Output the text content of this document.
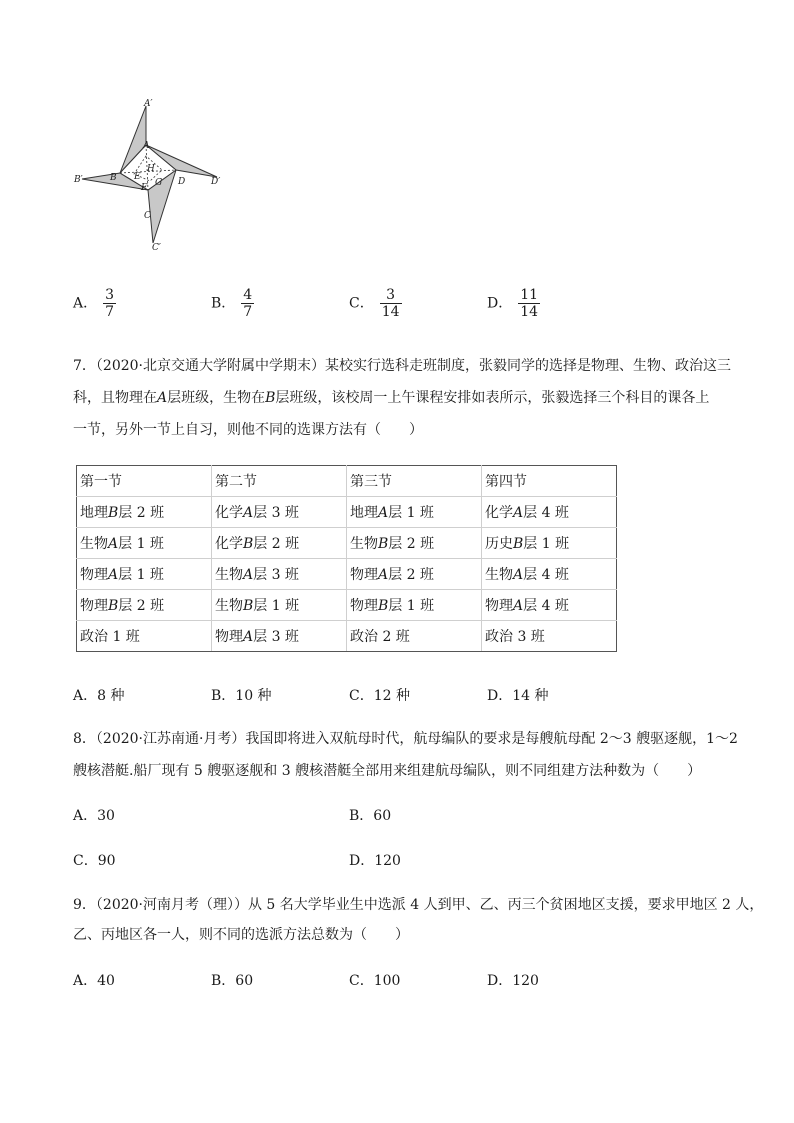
A′
A
B′	B E
H
F G D	D′
C
C′
A． $\frac{3}{7}$	B． $\frac{4}{7}$	C． $\frac{3}{14}$	D． $\frac{11}{14}$
7．（2020·北京交通大学附属中学期末）某校实行选科走班制度，张毅同学的选择是物理、生物、政治这三
科，且物理在A层班级，生物在B层班级，该校周一上午课程安排如表所示，张毅选择三个科目的课各上
一节，另外一节上自习，则他不同的选课方法有（　　）
第一节	第二节	第三节	第四节
地理B层 2 班	化学A层 3 班	地理A层 1 班	化学A层 4 班
生物A层 1 班	化学B层 2 班	生物B层 2 班	历史B层 1 班
物理A层 1 班	生物A层 3 班	物理A层 2 班	生物A层 4 班
物理B层 2 班	生物B层 1 班	物理B层 1 班	物理A层 4 班
政治 1 班	物理A层 3 班	政治 2 班	政治 3 班
A．8 种	B．10 种	C．12 种	D．14 种
8．（2020·江苏南通·月考）我国即将进入双航母时代，航母编队的要求是每艘航母配 2～3 艘驱逐舰，1～2
艘核潜艇.船厂现有 5 艘驱逐舰和 3 艘核潜艇全部用来组建航母编队，则不同组建方法种数为（　　）
A．30	B．60
C．90	D．120
9．（2020·河南月考（理））从 5 名大学毕业生中选派 4 人到甲、乙、丙三个贫困地区支援，要求甲地区 2 人，
乙、丙地区各一人，则不同的选派方法总数为（　　）
A．40	B．60	C．100	D．120
